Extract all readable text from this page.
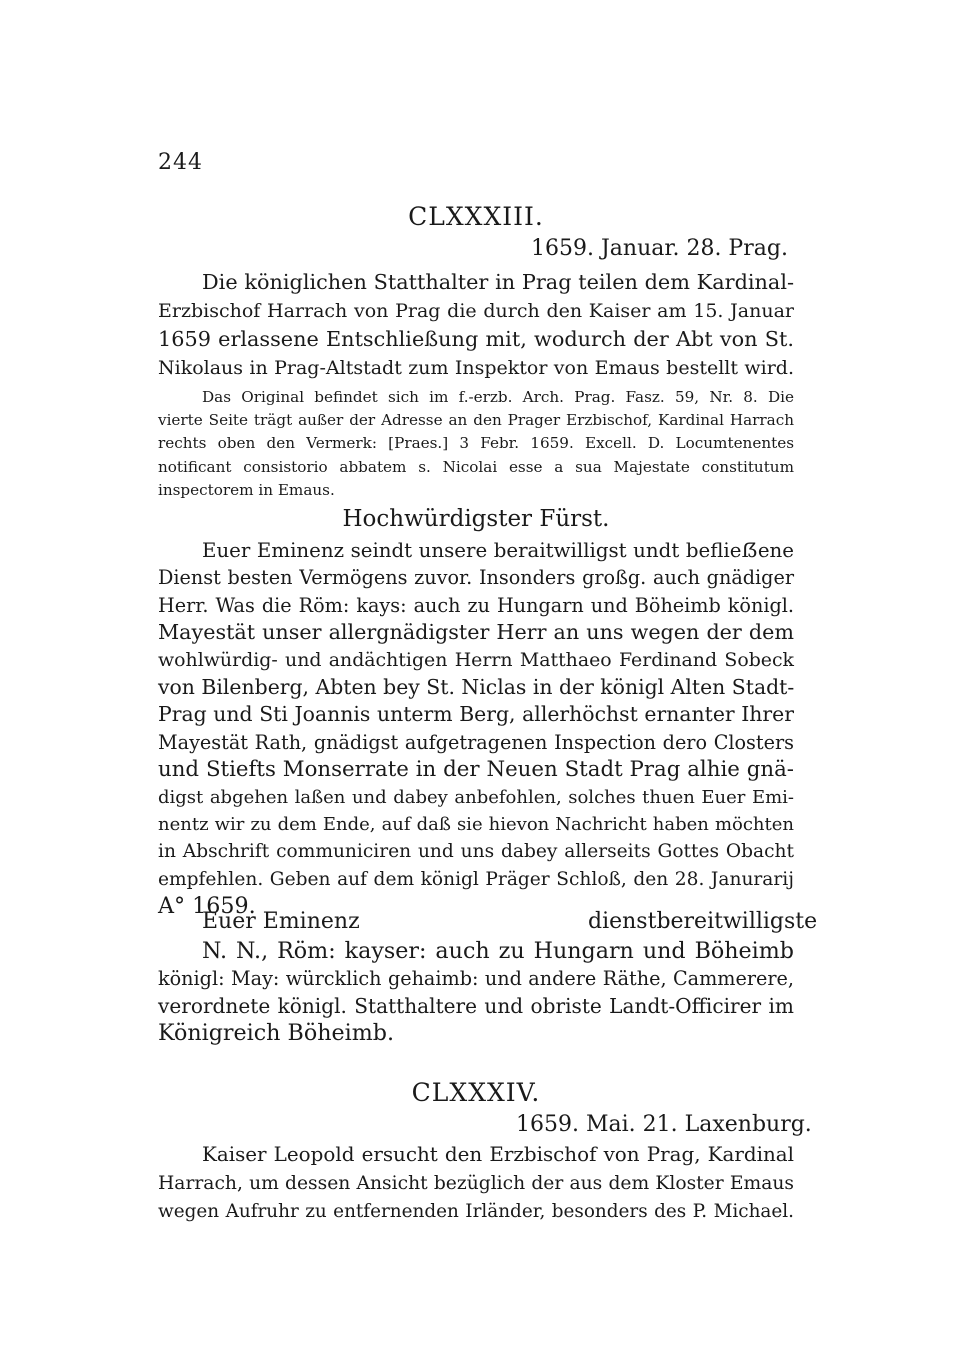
244
CLXXXIII.
1659. Januar. 28. Prag.
Die königlichen Statthalter in Prag teilen dem Kardinal-
Erzbischof Harrach von Prag die durch den Kaiser am 15. Januar
1659 erlassene Entschließung mit, wodurch der Abt von St.
Nikolaus in Prag-Altstadt zum Inspektor von Emaus bestellt wird.
Das Original befindet sich im f.-erzb. Arch. Prag. Fasz. 59, Nr. 8. Die
vierte Seite trägt außer der Adresse an den Prager Erzbischof, Kardinal Harrach
rechts oben den Vermerk: [Praes.] 3 Febr. 1659. Excell. D. Locumtenentes
notificant consistorio abbatem s. Nicolai esse a sua Majestate constitutum
inspectorem in Emaus.
Hochwürdigster Fürst.
Euer Eminenz seindt unsere beraitwilligst undt beflieẞene
Dienst besten Vermögens zuvor. Insonders großg. auch gnädiger
Herr. Was die Röm: kays: auch zu Hungarn und Böheimb königl.
Mayestät unser allergnädigster Herr an uns wegen der dem
wohlwürdig- und andächtigen Herrn Matthaeo Ferdinand Sobeck
von Bilenberg, Abten bey St. Niclas in der königl Alten Stadt-
Prag und Sti Joannis unterm Berg, allerhöchst ernanter Ihrer
Mayestät Rath, gnädigst aufgetragenen Inspection dero Closters
und Stiefts Monserrate in der Neuen Stadt Prag alhie gnä-
digst abgehen laßen und dabey anbefohlen, solches thuen Euer Emi-
nentz wir zu dem Ende, auf daß sie hievon Nachricht haben möchten
in Abschrift communiciren und uns dabey allerseits Gottes Obacht
empfehlen. Geben auf dem königl Präger Schloß, den 28. Janurarij
A° 1659.
Euer Eminenz	dienstbereitwilligste
N. N., Röm: kayser: auch zu Hungarn und Böheimb
königl: May: würcklich gehaimb: und andere Räthe, Cammerere,
verordnete königl. Statthaltere und obriste Landt-Officirer im
Königreich Böheimb.
CLXXXIV.
1659. Mai. 21. Laxenburg.
Kaiser Leopold ersucht den Erzbischof von Prag, Kardinal
Harrach, um dessen Ansicht bezüglich der aus dem Kloster Emaus
wegen Aufruhr zu entfernenden Irländer, besonders des P. Michael.
